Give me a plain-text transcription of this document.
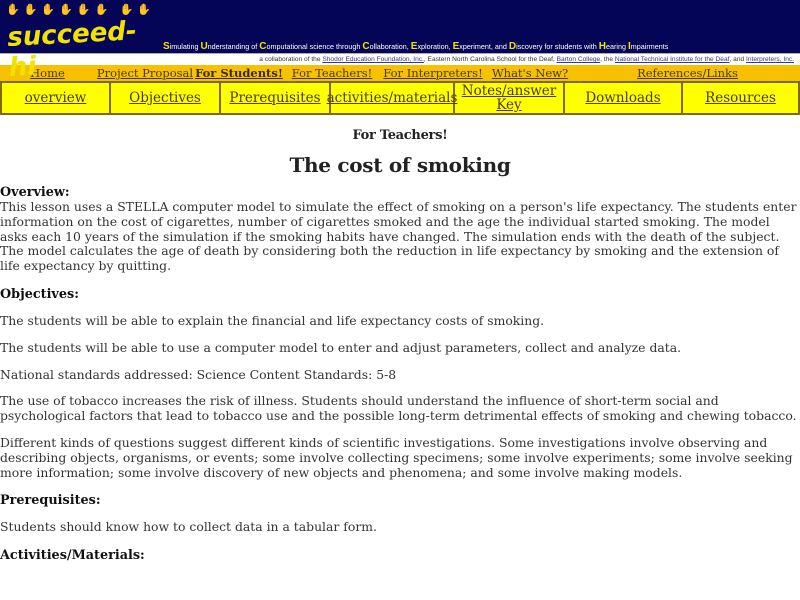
✋✋✋✋✋✋ ✋✋
succeed-hi
Simulating Understanding of Computational science through Collaboration, Exploration, Experiment, and Discovery for students with Hearing Impairments
a collaboration of the Shodor Education Foundation, Inc., Eastern North Carolina School for the Deaf, Barton College, the National Technical Institute for the Deaf, and Interpreters, Inc.
Home	Project Proposal For Students! For Teachers! For Interpreters! What's New?	References/Links
overview	Objectives	Prerequisites activities/materials Notes/answer Key	Downloads	Resources
For Teachers!
The cost of smoking
Overview:

This lesson uses a STELLA computer model to simulate the effect of smoking on a person's life expectancy. The students enter information on the cost of cigarettes, number of cigarettes smoked and the age the individual started smoking. The model asks each 10 years of the simulation if the smoking habits have changed. The simulation ends with the death of the subject. The model calculates the age of death by considering both the reduction in life expectancy by smoking and the extension of life expectancy by quitting.

Objectives:

The students will be able to explain the financial and life expectancy costs of smoking.

The students will be able to use a computer model to enter and adjust parameters, collect and analyze data.

National standards addressed: Science Content Standards: 5-8

The use of tobacco increases the risk of illness. Students should understand the influence of short-term social and psychological factors that lead to tobacco use and the possible long-term detrimental effects of smoking and chewing tobacco.

Different kinds of questions suggest different kinds of scientific investigations. Some investigations involve observing and describing objects, organisms, or events; some involve collecting specimens; some involve experiments; some involve seeking more information; some involve discovery of new objects and phenomena; and some involve making models.

Prerequisites:

Students should know how to collect data in a tabular form.

Activities/Materials:
